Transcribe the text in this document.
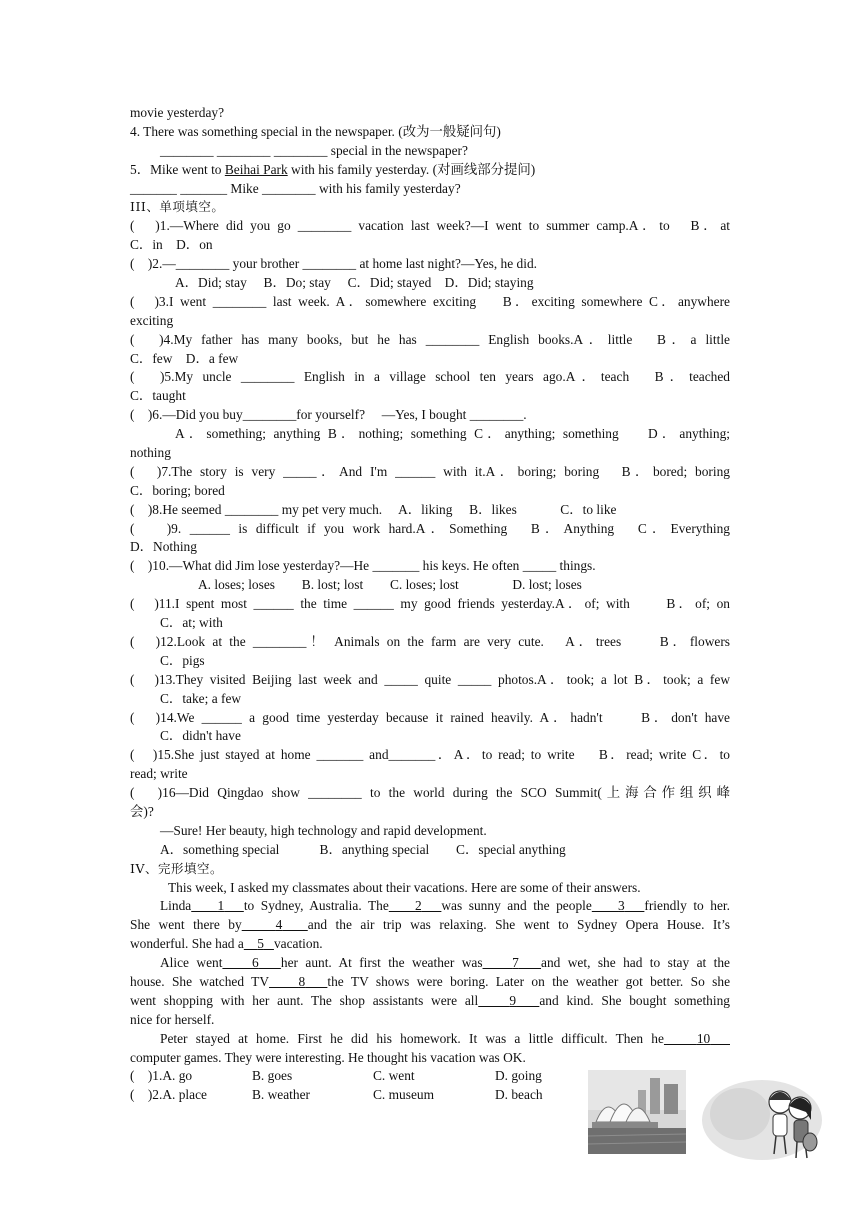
movie yesterday?
4. There was something special in the newspaper. (改为一般疑问句)
________ ________ ________ special in the newspaper?
5．Mike went to Beihai Park with his family yesterday. (对画线部分提问)
_______ _______ Mike ________ with his family yesterday?
III、单项填空。
(　)1.—Where did you go ________ vacation last week?—I went to summer camp.A．to　B．at
C．in　D．on
(　)2.—________ your brother ________ at home last night?—Yes, he did.
A．Did; stay　 B．Do; stay　 C．Did; stayed　D．Did; staying
(　)3.I went ________ last week. A．somewhere exciting　 B．exciting somewhere C．anywhere
exciting
(　)4.My father has many books, but he has ________ English books.A．little　B．a little
C．few　D．a few
(　)5.My uncle ________ English in a village school ten years ago.A．teach　B．teached
C．taught
(　)6.—Did you buy________for yourself?　 —Yes, I bought ________.
A．something; anything B．nothing; something C．anything; something　 D．anything;
nothing
(　)7.The story is very _____．And I'm ______ with it.A．boring; boring　B．bored; boring
C．boring; bored
(　)8.He seemed ________ my pet very much.　 A．liking　 B．likes　　　 C．to like
(　 )9. ______ is difficult if you work hard.A．Something　B．Anything　C．Everything
D．Nothing
(　)10.—What did Jim lose yesterday?—He _______ his keys. He often _____ things.
A. loses; loses　　B. lost; lost　　C. loses; lost　　　　D. lost; loses
(　)11.I spent most ______ the time ______ my good friends yesterday.A．of; with　　B．of; on
C．at; with
(　)12.Look at the ________！ Animals on the farm are very cute.　A．trees　　B．flowers
C．pigs
(　)13.They visited Beijing last week and _____ quite _____ photos.A．took; a lot B．took; a few
C．take; a few
(　)14.We ______ a good time yesterday because it rained heavily. A．hadn't　　B．don't have
C．didn't have
(　)15.She just stayed at home _______ and_______．A．to read; to write　 B．read; write C．to
read; write
(　)16—Did Qingdao show ________ to the world during the SCO Summit(上海合作组织峰
会)?
—Sure! Her beauty, high technology and rapid development.
A．something special　　　B．anything special　　C．special anything
IV、完形填空。
This week, I asked my classmates about their vacations. Here are some of their answers.
Linda 1 to Sydney, Australia. The 2 was sunny and the people 3 friendly to her.
She went there by	4 and the air trip was relaxing. She went to Sydney Opera House. It’s
wonderful. She had a 5 vacation.
Alice went 6 her aunt. At first the weather was 7 and wet, she had to stay at the
house. She watched TV 8 the TV shows were boring. Later on the weather got better. So she
went shopping with her aunt. The shop assistants were all 9 and kind. She bought something
nice for herself.
Peter stayed at home. First he did his homework. It was a little difficult. Then he 10
computer games. They were interesting. He thought his vacation was OK.
(　)1.A. go	B. goes	C. went	D. going
(　)2.A. place	B. weather	C. museum	D. beach
